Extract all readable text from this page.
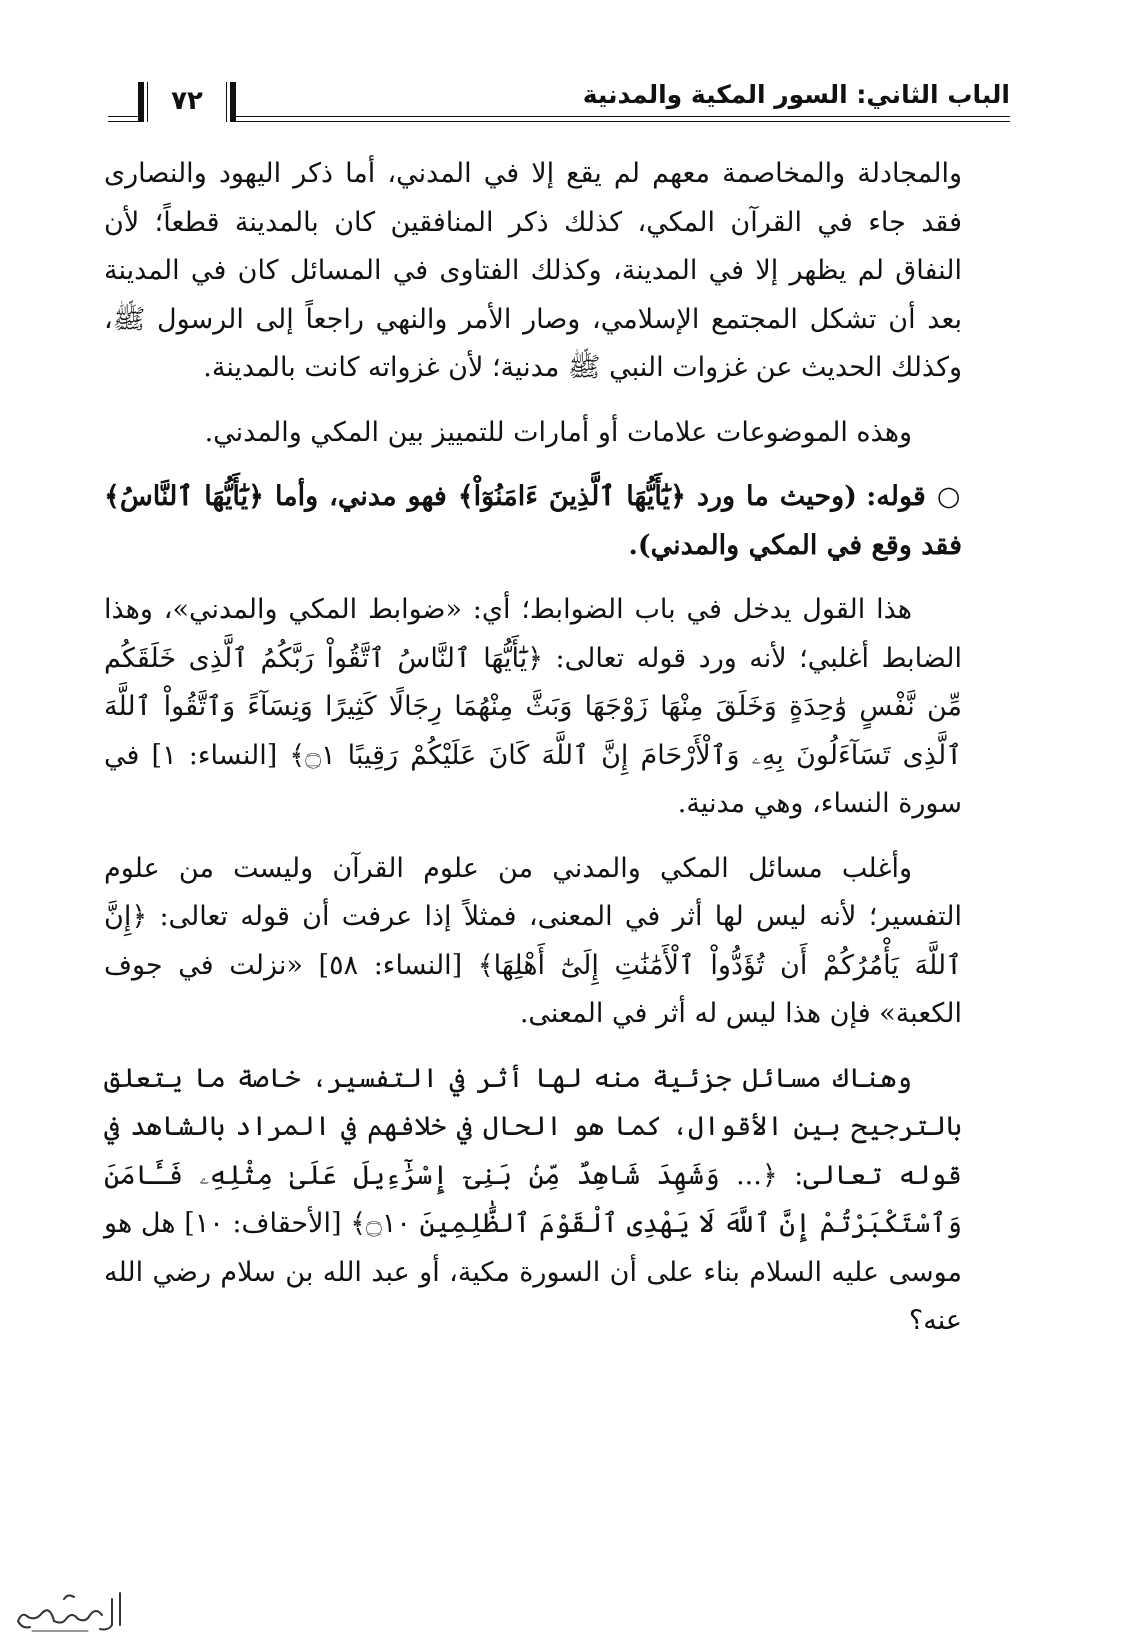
الباب الثاني: السور المكية والمدنية
٧٢

والمجادلة والمخاصمة معهم لم يقع إلا في المدني، أما ذكر اليهود والنصارى فقد جاء في القرآن المكي، كذلك ذكر المنافقين كان بالمدينة قطعاً؛ لأن النفاق لم يظهر إلا في المدينة، وكذلك الفتاوى في المسائل كان في المدينة بعد أن تشكل المجتمع الإسلامي، وصار الأمر والنهي راجعاً إلى الرسول ﷺ، وكذلك الحديث عن غزوات النبي ﷺ مدنية؛ لأن غزواته كانت بالمدينة.

وهذه الموضوعات علامات أو أمارات للتمييز بين المكي والمدني.

○ قوله: (وحيث ما ورد ﴿يَٰٓأَيُّهَا ٱلَّذِينَ ءَامَنُوٓاْ﴾ فهو مدني، وأما ﴿يَٰٓأَيُّهَا ٱلنَّاسُ﴾ فقد وقع في المكي والمدني).

هذا القول يدخل في باب الضوابط؛ أي: «ضوابط المكي والمدني»، وهذا الضابط أغلبي؛ لأنه ورد قوله تعالى: ﴿يَٰٓأَيُّهَا ٱلنَّاسُ ٱتَّقُواْ رَبَّكُمُ ٱلَّذِى خَلَقَكُم مِّن نَّفْسٍ وَٰحِدَةٍ وَخَلَقَ مِنْهَا زَوْجَهَا وَبَثَّ مِنْهُمَا رِجَالًا كَثِيرًا وَنِسَآءً وَٱتَّقُواْ ٱللَّهَ ٱلَّذِى تَسَآءَلُونَ بِهِۦ وَٱلْأَرْحَامَ إِنَّ ٱللَّهَ كَانَ عَلَيْكُمْ رَقِيبًا ۝١﴾ [النساء: ١] في سورة النساء، وهي مدنية.

وأغلب مسائل المكي والمدني من علوم القرآن وليست من علوم التفسير؛ لأنه ليس لها أثر في المعنى، فمثلاً إذا عرفت أن قوله تعالى: ﴿إِنَّ ٱللَّهَ يَأْمُرُكُمْ أَن تُؤَدُّواْ ٱلْأَمَٰنَٰتِ إِلَىٰٓ أَهْلِهَا﴾ [النساء: ٥٨] «نزلت في جوف الكعبة» فإن هذا ليس له أثر في المعنى.

وهناك مسائل جزئية منه لها أثر في التفسير، خاصة ما يتعلق بالترجيح بين الأقوال، كما هو الحال في خلافهم في المراد بالشاهد في قوله تعالى: ﴿... وَشَهِدَ شَاهِدٌ مِّنۢ بَنِىٓ إِسْرَٰٓءِيلَ عَلَىٰ مِثْلِهِۦ فَـَٔامَنَ وَٱسْتَكْبَرْتُمْ إِنَّ ٱللَّهَ لَا يَهْدِى ٱلْقَوْمَ ٱلظَّٰلِمِينَ ۝١٠﴾ [الأحقاف: ١٠] هل هو موسى عليه السلام بناء على أن السورة مكية، أو عبد الله بن سلام رضي الله عنه؟
